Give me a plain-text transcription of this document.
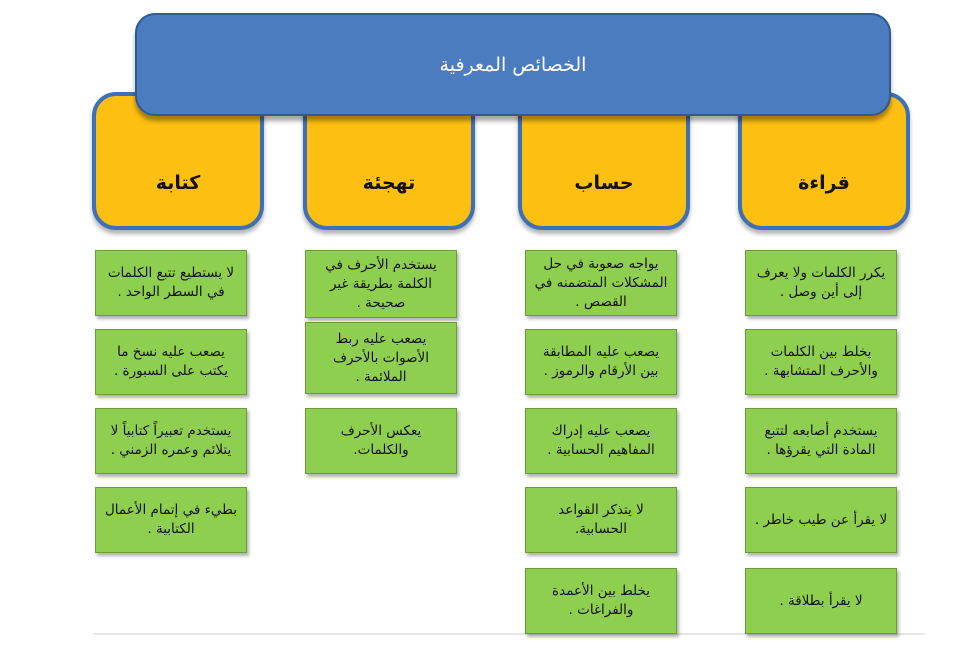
الخصائص المعرفية
كتابة	تهجئة	حساب	قراءة
لا يستطيع تتبع الكلمات في السطر الواحد .
يصعب عليه نسخ ما يكتب على السبورة .
يستخدم تعبيراً كتابياً لا يتلائم وعمره الزمني .
بطيء في إتمام الأعمال الكتابية .
يستخدم الأحرف في الكلمة بطريقة غير صحيحة .
يصعب عليه ربط الأصوات بالأحرف الملائمة .
يعكس الأحرف والكلمات.
يواجه صعوبة في حل المشكلات المتضمنه في القصص .
يصعب عليه المطابقة بين الأرقام والرموز .
يصعب عليه إدراك المفاهيم الحسابية .
لا يتذكر القواعد الحسابية.
يخلط بين الأعمدة والفراغات .
يكرر الكلمات ولا يعرف إلى أين وصل .
يخلط بين الكلمات والأحرف المتشابهة .
يستخدم أصابعه لتتبع المادة التي يقرؤها .
لا يقرأ عن طيب خاطر .
لا يقرأ بطلاقة .
